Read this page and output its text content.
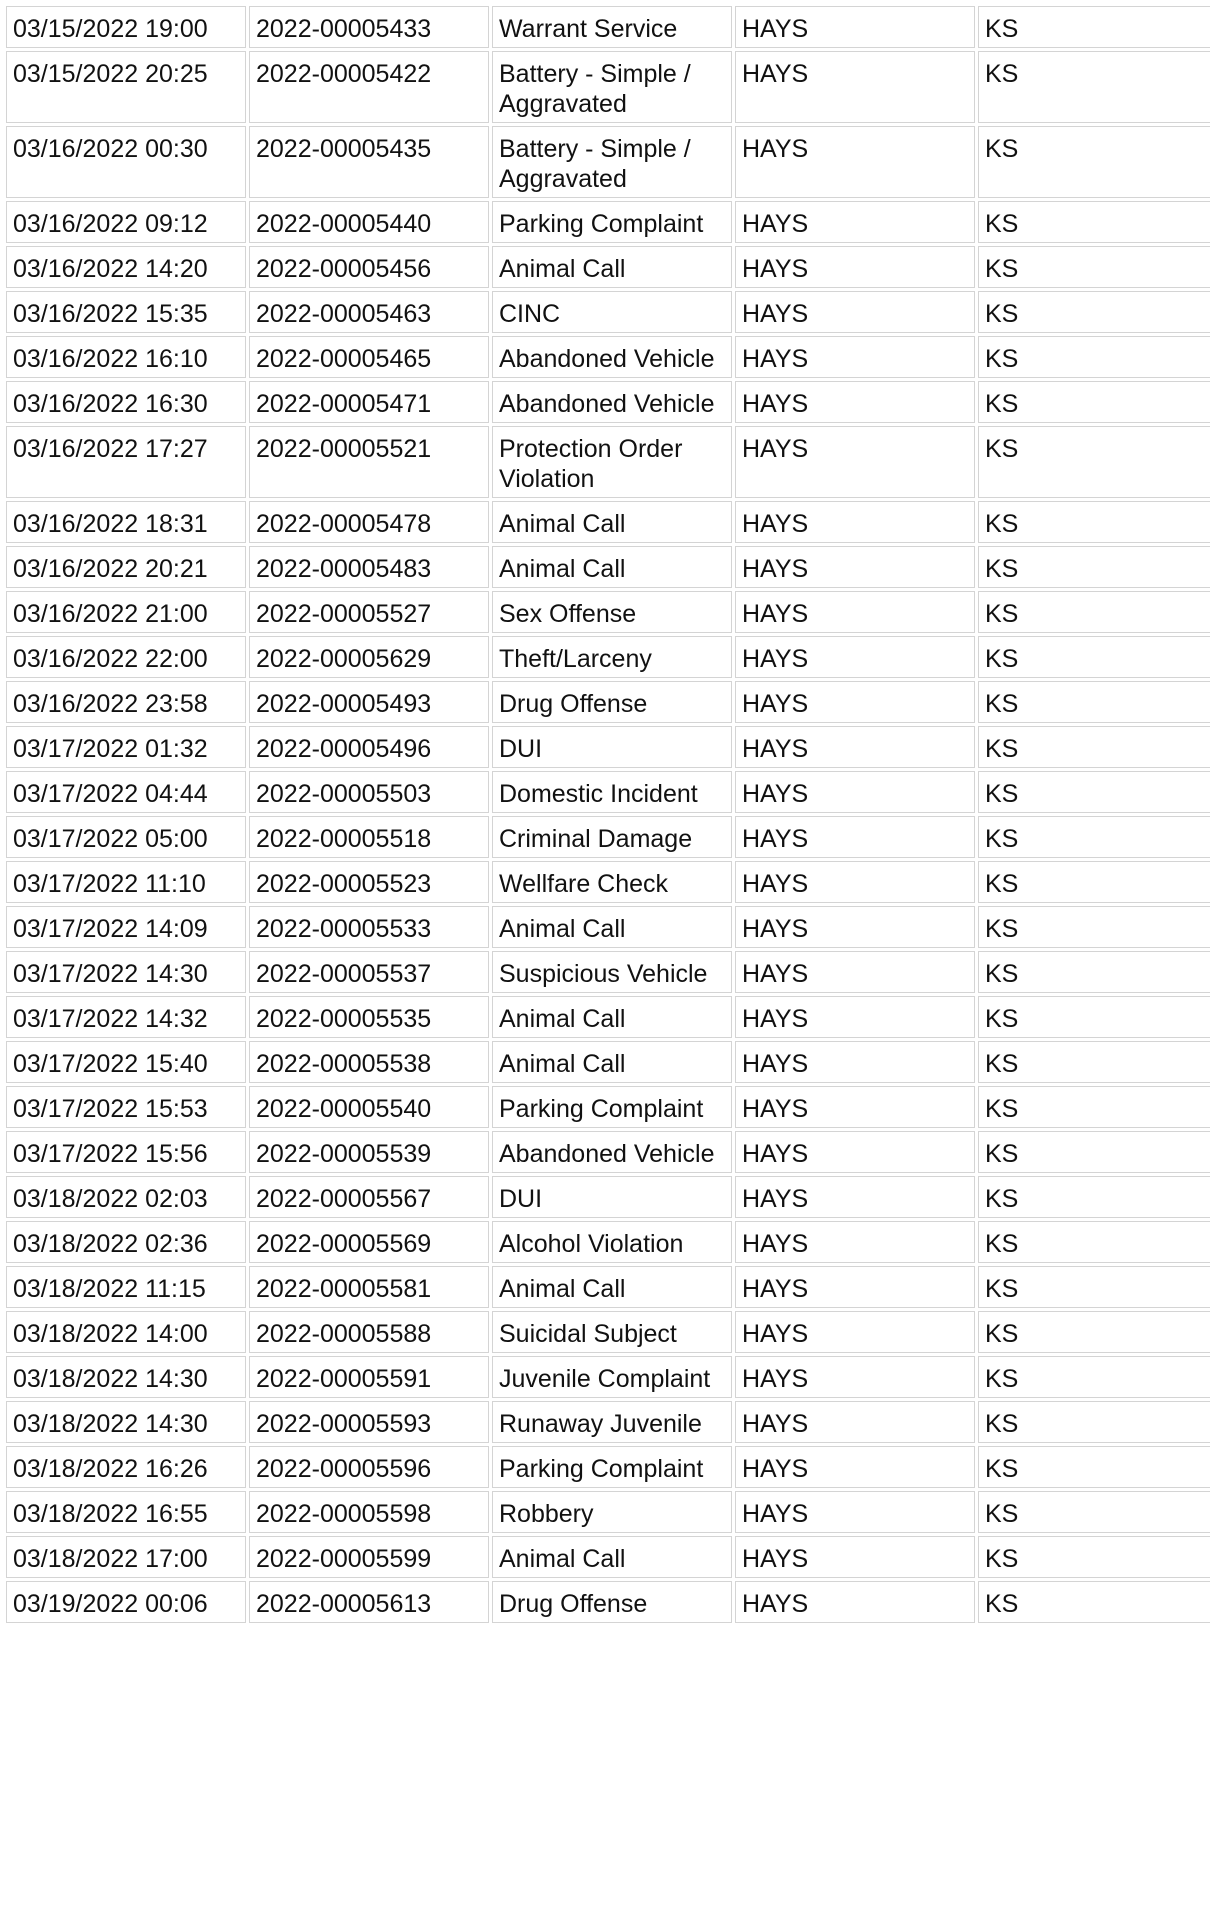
03/15/2022 19:00	2022-00005433	Warrant Service	HAYS	KS
03/15/2022 20:25	2022-00005422	Battery - Simple / Aggravated	HAYS	KS
03/16/2022 00:30	2022-00005435	Battery - Simple / Aggravated	HAYS	KS
03/16/2022 09:12	2022-00005440	Parking Complaint	HAYS	KS
03/16/2022 14:20	2022-00005456	Animal Call	HAYS	KS
03/16/2022 15:35	2022-00005463	CINC	HAYS	KS
03/16/2022 16:10	2022-00005465	Abandoned Vehicle	HAYS	KS
03/16/2022 16:30	2022-00005471	Abandoned Vehicle	HAYS	KS
03/16/2022 17:27	2022-00005521	Protection Order Violation	HAYS	KS
03/16/2022 18:31	2022-00005478	Animal Call	HAYS	KS
03/16/2022 20:21	2022-00005483	Animal Call	HAYS	KS
03/16/2022 21:00	2022-00005527	Sex Offense	HAYS	KS
03/16/2022 22:00	2022-00005629	Theft/Larceny	HAYS	KS
03/16/2022 23:58	2022-00005493	Drug Offense	HAYS	KS
03/17/2022 01:32	2022-00005496	DUI	HAYS	KS
03/17/2022 04:44	2022-00005503	Domestic Incident	HAYS	KS
03/17/2022 05:00	2022-00005518	Criminal Damage	HAYS	KS
03/17/2022 11:10	2022-00005523	Wellfare Check	HAYS	KS
03/17/2022 14:09	2022-00005533	Animal Call	HAYS	KS
03/17/2022 14:30	2022-00005537	Suspicious Vehicle	HAYS	KS
03/17/2022 14:32	2022-00005535	Animal Call	HAYS	KS
03/17/2022 15:40	2022-00005538	Animal Call	HAYS	KS
03/17/2022 15:53	2022-00005540	Parking Complaint	HAYS	KS
03/17/2022 15:56	2022-00005539	Abandoned Vehicle	HAYS	KS
03/18/2022 02:03	2022-00005567	DUI	HAYS	KS
03/18/2022 02:36	2022-00005569	Alcohol Violation	HAYS	KS
03/18/2022 11:15	2022-00005581	Animal Call	HAYS	KS
03/18/2022 14:00	2022-00005588	Suicidal Subject	HAYS	KS
03/18/2022 14:30	2022-00005591	Juvenile Complaint	HAYS	KS
03/18/2022 14:30	2022-00005593	Runaway Juvenile	HAYS	KS
03/18/2022 16:26	2022-00005596	Parking Complaint	HAYS	KS
03/18/2022 16:55	2022-00005598	Robbery	HAYS	KS
03/18/2022 17:00	2022-00005599	Animal Call	HAYS	KS
03/19/2022 00:06	2022-00005613	Drug Offense	HAYS	KS
